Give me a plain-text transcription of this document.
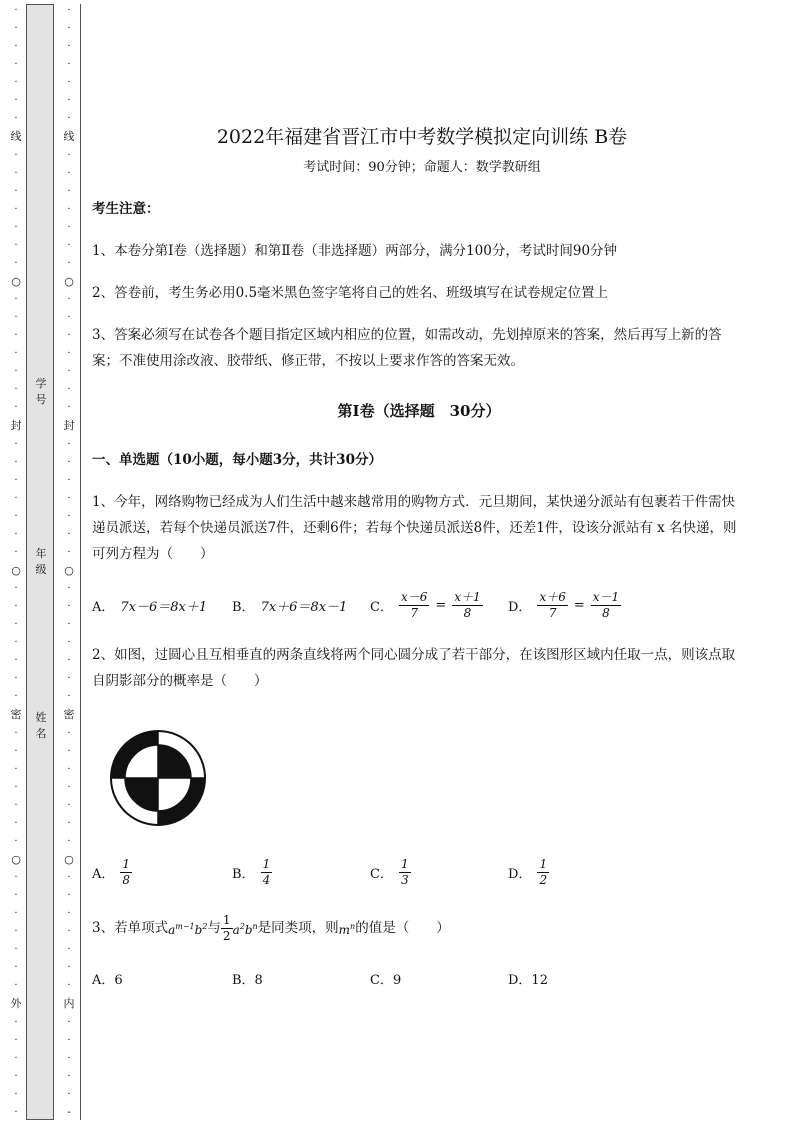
·
·
·
·
·
·
·
线
·
·
·
·
·
·
·
○
·
·
·
·
·
·
·
封
·
·
·
·
·
·
·
○
·
·
·
·
·
·
·
密
·
·
·
·
·
·
·
○
·
·
·
·
·
·
·
外
·
·
·
·
·
·
·
·
·
·
·
·
·
线
·
·
·
·
·
·
·
○
·
·
·
·
·
·
·
封
·
·
·
·
·
·
·
○
·
·
·
·
·
·
·
密
·
·
·
·
·
·
·
○
·
·
·
·
·
·
·
内
·
·
·
·
·
-
学号
年级
姓名
2022年福建省晋江市中考数学模拟定向训练 B卷
考试时间：90分钟；命题人：数学教研组
考生注意：
1、本卷分第I卷（选择题）和第Ⅱ卷（非选择题）两部分，满分100分，考试时间90分钟
2、答卷前，考生务必用0.5毫米黑色签字笔将自己的姓名、班级填写在试卷规定位置上
3、答案必须写在试卷各个题目指定区域内相应的位置，如需改动，先划掉原来的答案，然后再写上新的答案；不准使用涂改液、胶带纸、修正带，不按以上要求作答的答案无效。
第I卷（选择题　30分）
一、单选题（10小题，每小题3分，共计30分）
1、今年，网络购物已经成为人们生活中越来越常用的购物方式．元旦期间，某快递分派站有包裹若干件需快递员派送，若每个快递员派送7件，还剩6件；若每个快递员派送8件，还差1件，设该分派站有 x 名快递，则可列方程为（　　）
A． 7x－6＝8x＋1 B． 7x＋6＝8x－1 C． $\frac{x-6}{7} = \frac{x+1}{8}$ D． $\frac{x+6}{7} = \frac{x-1}{8}$
2、如图，过圆心且互相垂直的两条直线将两个同心圆分成了若干部分，在该图形区域内任取一点，则该点取自阴影部分的概率是（　　）
A． $\frac{1}{8}$	B． $\frac{1}{4}$	C． $\frac{1}{3}$	D． $\frac{1}{2}$
3、若单项式 $a^{m-1}b^2$ 与 $\frac{1}{2} a^2b^n$ 是同类项，则 $m^n$ 的值是（　　）
A．6	B．8	C．9	D．12
